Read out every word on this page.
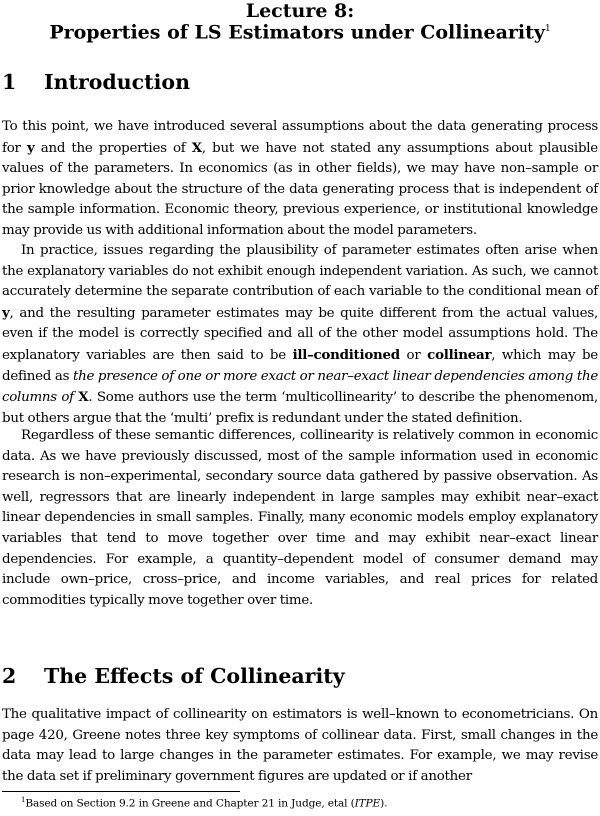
Lecture 8:
Properties of LS Estimators under Collinearity$^1$
1 Introduction

To this point, we have introduced several assumptions about the data generating process for y and the properties of X, but we have not stated any assumptions about plausible values of the parameters. In economics (as in other fields), we may have non–sample or prior knowledge about the structure of the data generating process that is independent of the sample information. Economic theory, previous experience, or institutional knowledge may provide us with additional information about the model parameters.

In practice, issues regarding the plausibility of parameter estimates often arise when the explanatory variables do not exhibit enough independent variation. As such, we cannot accurately determine the separate contribution of each variable to the conditional mean of y, and the resulting parameter estimates may be quite different from the actual values, even if the model is correctly specified and all of the other model assumptions hold. The explanatory variables are then said to be ill–conditioned or collinear, which may be defined as the presence of one or more exact or near–exact linear dependencies among the columns of X. Some authors use the term ‘multicollinearity’ to describe the phenomenom, but others argue that the ‘multi’ prefix is redundant under the stated definition.

Regardless of these semantic differences, collinearity is relatively common in economic data. As we have previously discussed, most of the sample information used in economic research is non–experimental, secondary source data gathered by passive observation. As well, regressors that are linearly independent in large samples may exhibit near–exact linear dependencies in small samples. Finally, many economic models employ explanatory variables that tend to move together over time and may exhibit near–exact linear dependencies. For example, a quantity–dependent model of consumer demand may include own–price, cross–price, and income variables, and real prices for related commodities typically move together over time.

2 The Effects of Collinearity

The qualitative impact of collinearity on estimators is well–known to econometricians. On page 420, Greene notes three key symptoms of collinear data. First, small changes in the data may lead to large changes in the parameter estimates. For example, we may revise the data set if preliminary government figures are updated or if another

$^1$Based on Section 9.2 in Greene and Chapter 21 in Judge, etal (ITPE).
